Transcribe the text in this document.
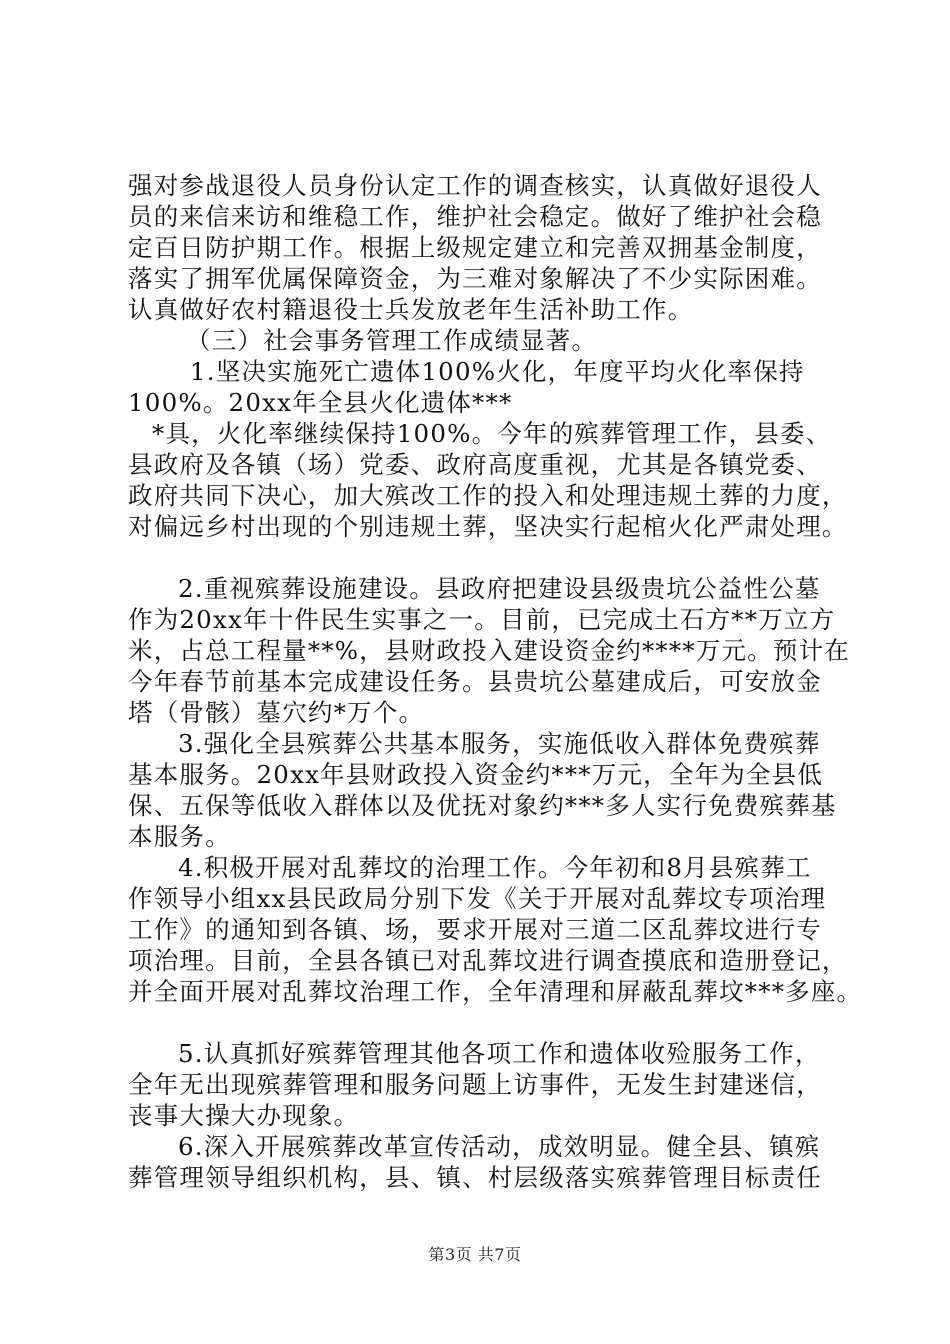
强对参战退役人员身份认定工作的调查核实，认真做好退役人
员的来信来访和维稳工作，维护社会稳定。做好了维护社会稳
定百日防护期工作。根据上级规定建立和完善双拥基金制度，
落实了拥军优属保障资金，为三难对象解决了不少实际困难。
认真做好农村籍退役士兵发放老年生活补助工作。
（三）社会事务管理工作成绩显著。
1.坚决实施死亡遗体100%火化，年度平均火化率保持
100%。20xx年全县火化遗体***
*具，火化率继续保持100%。今年的殡葬管理工作，县委、
县政府及各镇（场）党委、政府高度重视，尤其是各镇党委、
政府共同下决心，加大殡改工作的投入和处理违规土葬的力度，
对偏远乡村出现的个别违规土葬，坚决实行起棺火化严肃处理。
2.重视殡葬设施建设。县政府把建设县级贵坑公益性公墓
作为20xx年十件民生实事之一。目前，已完成土石方**万立方
米，占总工程量**%，县财政投入建设资金约****万元。预计在
今年春节前基本完成建设任务。县贵坑公墓建成后，可安放金
塔（骨骸）墓穴约*万个。
3.强化全县殡葬公共基本服务，实施低收入群体免费殡葬
基本服务。20xx年县财政投入资金约***万元，全年为全县低
保、五保等低收入群体以及优抚对象约***多人实行免费殡葬基
本服务。
4.积极开展对乱葬坟的治理工作。今年初和8月县殡葬工
作领导小组xx县民政局分别下发《关于开展对乱葬坟专项治理
工作》的通知到各镇、场，要求开展对三道二区乱葬坟进行专
项治理。目前，全县各镇已对乱葬坟进行调查摸底和造册登记，
并全面开展对乱葬坟治理工作，全年清理和屏蔽乱葬坟***多座。
5.认真抓好殡葬管理其他各项工作和遗体收殓服务工作，
全年无出现殡葬管理和服务问题上访事件，无发生封建迷信，
丧事大操大办现象。
6.深入开展殡葬改革宣传活动，成效明显。健全县、镇殡
葬管理领导组织机构，县、镇、村层级落实殡葬管理目标责任
第3页 共7页
